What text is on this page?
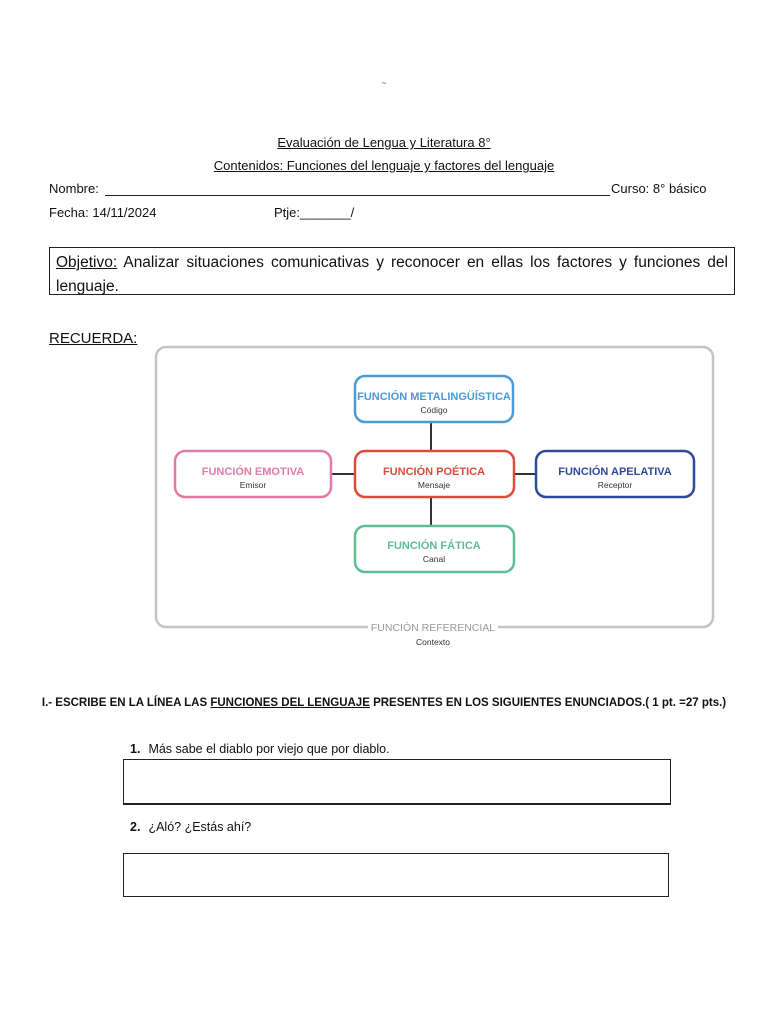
~
Evaluación de Lengua y Literatura 8°
Contenidos: Funciones del lenguaje y factores del lenguaje
Nombre:	Curso: 8° básico
Fecha: 14/11/2024	Ptje:_______/
Objetivo: Analizar situaciones comunicativas y reconocer en ellas los factores y funciones del lenguaje.
RECUERDA:
FUNCIÓN REFERENCIAL
Contexto
FUNCIÓN METALINGÜÍSTICA
Código
FUNCIÓN EMOTIVA
Emisor
FUNCIÓN POÉTICA
Mensaje
FUNCIÓN APELATIVA
Receptor
FUNCIÓN FÁTICA
Canal
I.- ESCRIBE EN LA LÍNEA LAS FUNCIONES DEL LENGUAJE PRESENTES EN LOS SIGUIENTES ENUNCIADOS.( 1 pt. =27 pts.)
1. Más sabe el diablo por viejo que por diablo.
2. ¿Aló? ¿Estás ahí?
